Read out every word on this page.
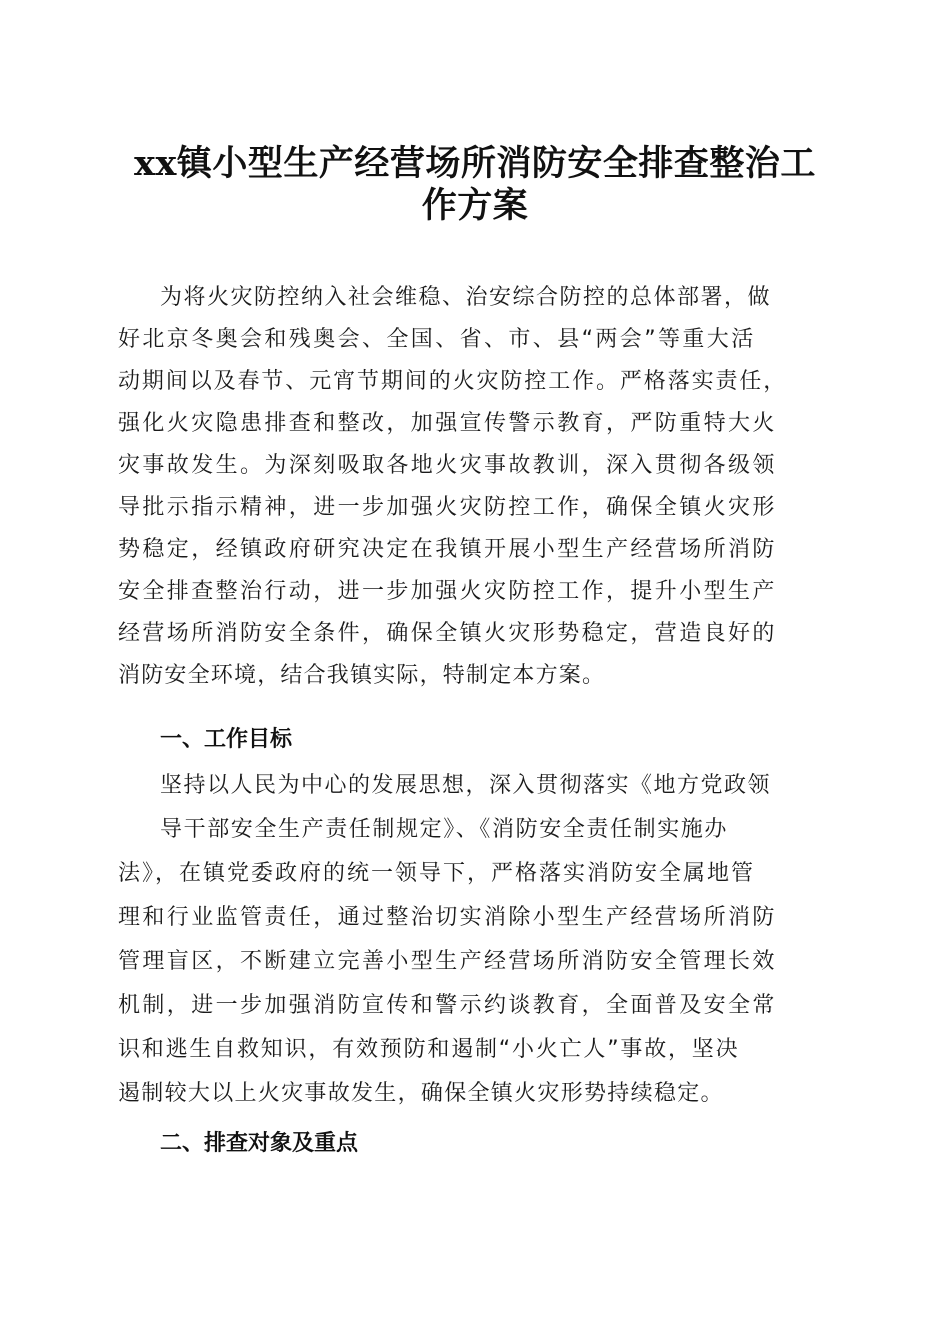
xx镇小型生产经营场所消防安全排查整治工
作方案
为将火灾防控纳入社会维稳、治安综合防控的总体部署，做
好北京冬奥会和残奥会、全国、省、市、县“两会”等重大活
动期间以及春节、元宵节期间的火灾防控工作。严格落实责任，
强化火灾隐患排查和整改，加强宣传警示教育，严防重特大火
灾事故发生。为深刻吸取各地火灾事故教训，深入贯彻各级领
导批示指示精神，进一步加强火灾防控工作，确保全镇火灾形
势稳定，经镇政府研究决定在我镇开展小型生产经营场所消防
安全排查整治行动，进一步加强火灾防控工作，提升小型生产
经营场所消防安全条件，确保全镇火灾形势稳定，营造良好的
消防安全环境，结合我镇实际，特制定本方案。
一、工作目标
坚持以人民为中心的发展思想，深入贯彻落实《地方党政领
导干部安全生产责任制规定》、《消防安全责任制实施办
法》，在镇党委政府的统一领导下，严格落实消防安全属地管
理和行业监管责任，通过整治切实消除小型生产经营场所消防
管理盲区，不断建立完善小型生产经营场所消防安全管理长效
机制，进一步加强消防宣传和警示约谈教育，全面普及安全常
识和逃生自救知识，有效预防和遏制“小火亡人”事故，坚决
遏制较大以上火灾事故发生，确保全镇火灾形势持续稳定。
二、排查对象及重点
